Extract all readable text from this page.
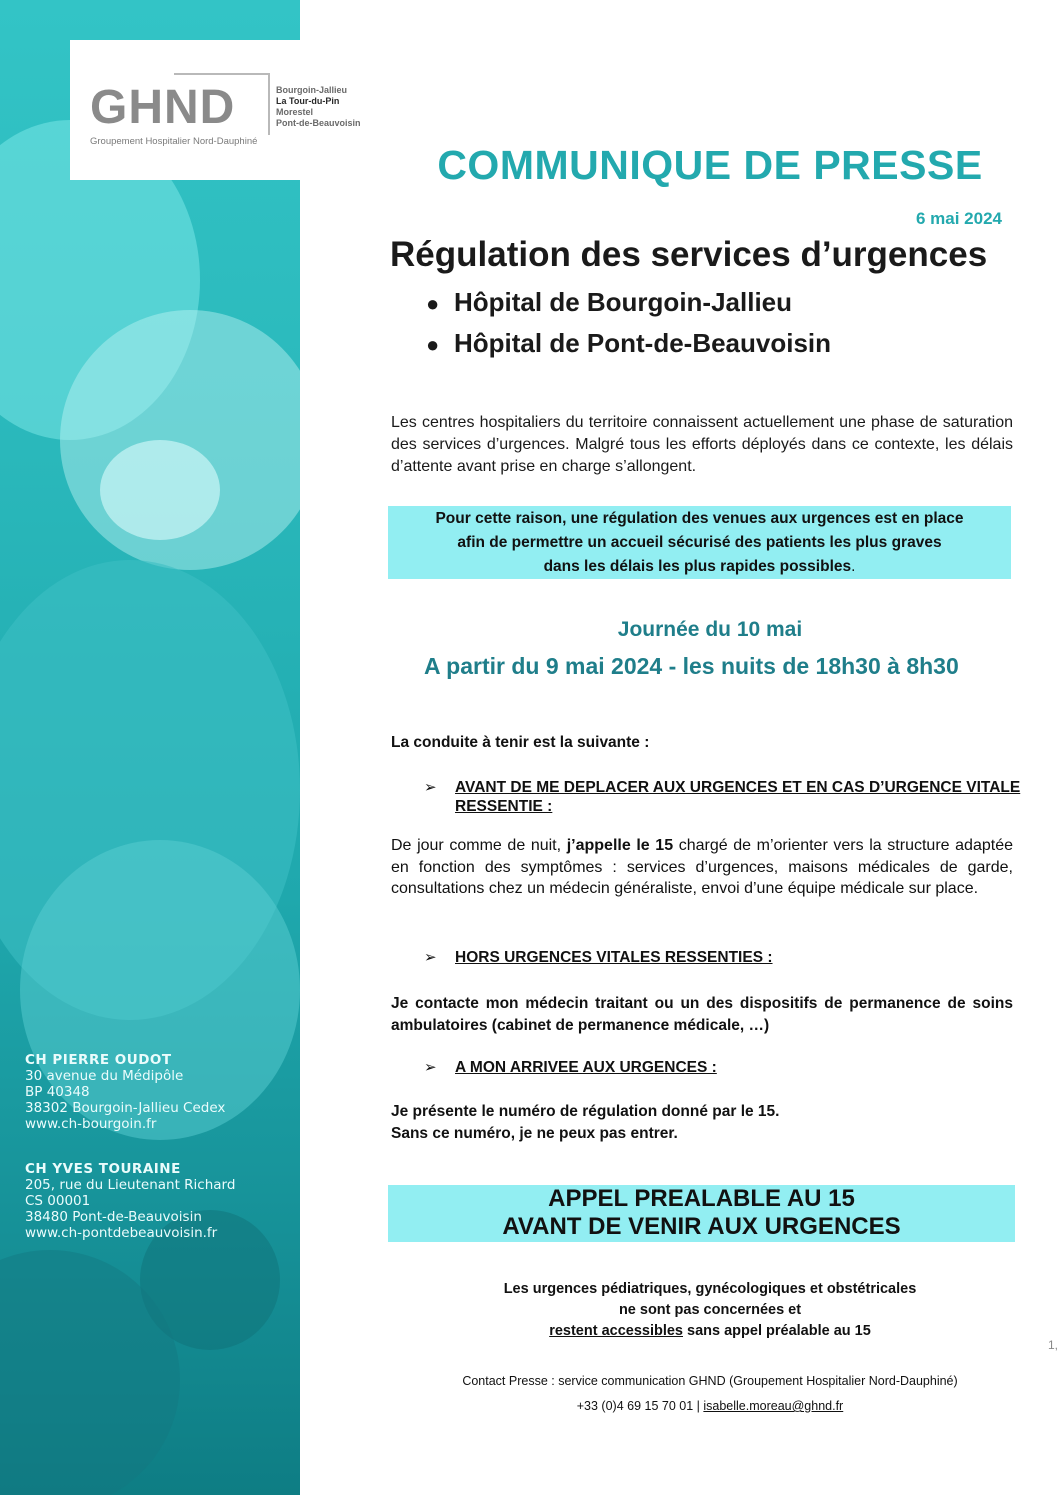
GHND
Groupement Hospitalier Nord-Dauphiné
CH PIERRE OUDOT
30 avenue du Médipôle
BP 40348
38302 Bourgoin-Jallieu Cedex
www.ch-bourgoin.fr
CH YVES TOURAINE
205, rue du Lieutenant Richard
CS 00001
38480 Pont-de-Beauvoisin
www.ch-pontdebeauvoisin.fr
Bourgoin-Jallieu
La Tour-du-Pin
Morestel
Pont-de-Beauvoisin
COMMUNIQUE DE PRESSE
6 mai 2024
Régulation des services d’urgences
● Hôpital de Bourgoin-Jallieu
● Hôpital de Pont-de-Beauvoisin
Les centres hospitaliers du territoire connaissent actuellement une phase de saturation des services d’urgences. Malgré tous les efforts déployés dans ce contexte, les délais d’attente avant prise en charge s’allongent.
Pour cette raison, une régulation des venues aux urgences est en place
afin de permettre un accueil sécurisé des patients les plus graves
dans les délais les plus rapides possibles.
Journée du 10 mai
A partir du 9 mai 2024 - les nuits de 18h30 à 8h30
La conduite à tenir est la suivante :
➢ AVANT DE ME DEPLACER AUX URGENCES ET EN CAS D’URGENCE VITALE
RESSENTIE :
De jour comme de nuit, j’appelle le 15 chargé de m’orienter vers la structure adaptée en fonction des symptômes : services d’urgences, maisons médicales de garde, consultations chez un médecin généraliste, envoi d’une équipe médicale sur place.
➢ HORS URGENCES VITALES RESSENTIES :
Je contacte mon médecin traitant ou un des dispositifs de permanence de soins ambulatoires (cabinet de permanence médicale, …)
➢ A MON ARRIVEE AUX URGENCES :
Je présente le numéro de régulation donné par le 15.
Sans ce numéro, je ne peux pas entrer.
APPEL PREALABLE AU 15
AVANT DE VENIR AUX URGENCES
Les urgences pédiatriques, gynécologiques et obstétricales
ne sont pas concernées et
restent accessibles sans appel préalable au 15
Contact Presse : service communication GHND (Groupement Hospitalier Nord-Dauphiné)
+33 (0)4 69 15 70 01 | isabelle.moreau@ghnd.fr
1,
